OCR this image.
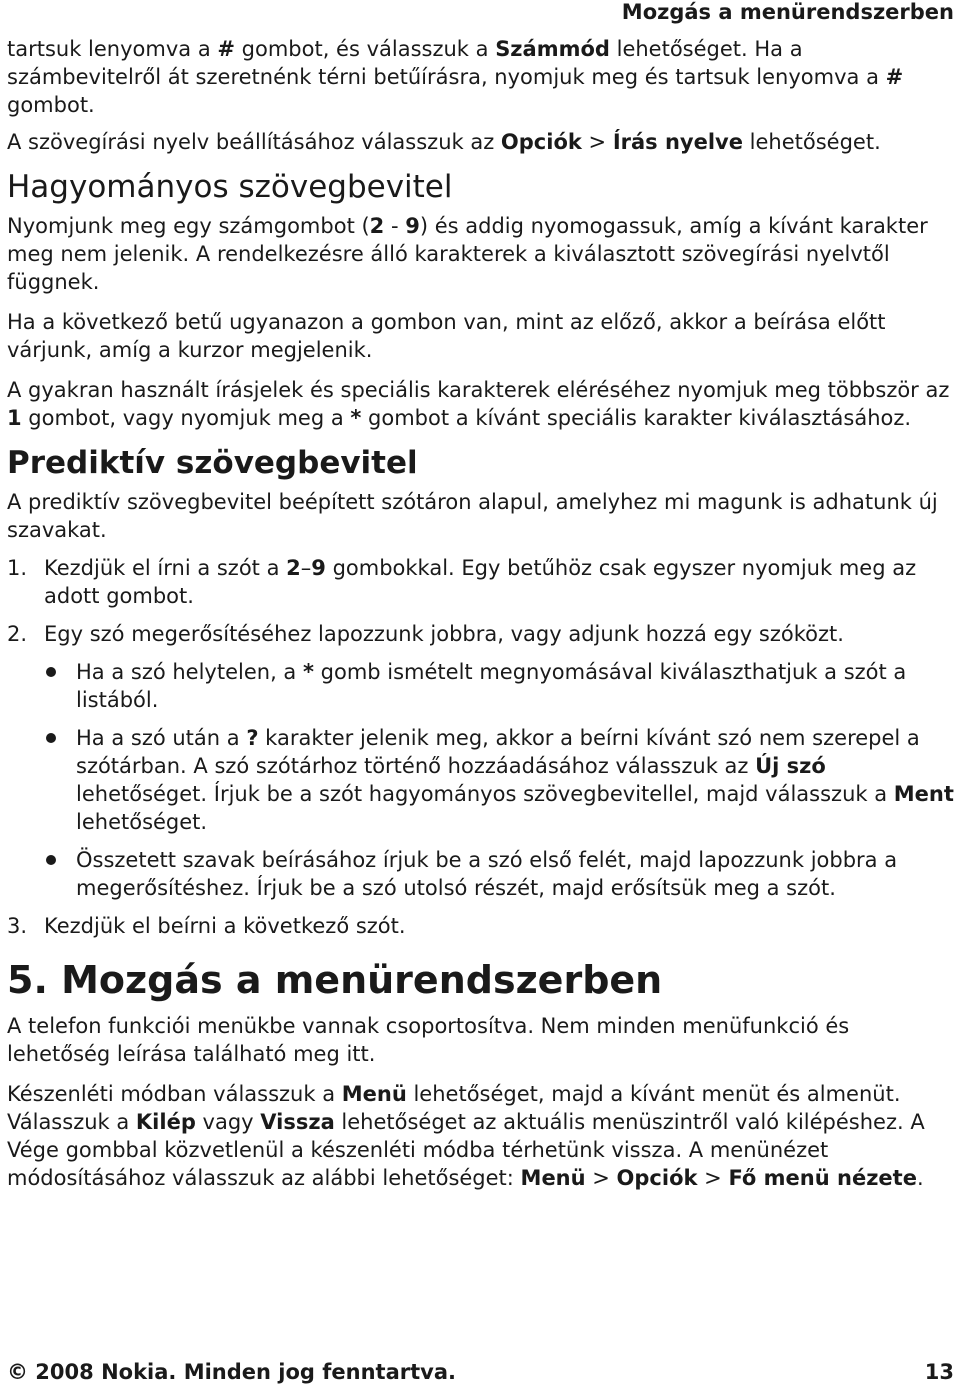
Mozgás a menürendszerben

tartsuk lenyomva a # gombot, és válasszuk a Számmód lehetőséget. Ha a számbevitelről át szeretnénk térni betűírásra, nyomjuk meg és tartsuk lenyomva a # gombot.

A szövegírási nyelv beállításához válasszuk az Opciók > Írás nyelve lehetőséget.

Hagyományos szövegbevitel

Nyomjunk meg egy számgombot (2 - 9) és addig nyomogassuk, amíg a kívánt karakter meg nem jelenik. A rendelkezésre álló karakterek a kiválasztott szövegírási nyelvtől függnek.

Ha a következő betű ugyanazon a gombon van, mint az előző, akkor a beírása előtt várjunk, amíg a kurzor megjelenik.

A gyakran használt írásjelek és speciális karakterek eléréséhez nyomjuk meg többször az 1 gombot, vagy nyomjuk meg a * gombot a kívánt speciális karakter kiválasztásához.

Prediktív szövegbevitel

A prediktív szövegbevitel beépített szótáron alapul, amelyhez mi magunk is adhatunk új szavakat.

1. Kezdjük el írni a szót a 2–9 gombokkal. Egy betűhöz csak egyszer nyomjuk meg az adott gombot.
2. Egy szó megerősítéséhez lapozzunk jobbra, vagy adjunk hozzá egy szóközt.
Ha a szó helytelen, a * gomb ismételt megnyomásával kiválaszthatjuk a szót a listából.
Ha a szó után a ? karakter jelenik meg, akkor a beírni kívánt szó nem szerepel a szótárban. A szó szótárhoz történő hozzáadásához válasszuk az Új szó lehetőséget. Írjuk be a szót hagyományos szövegbevitellel, majd válasszuk a Ment lehetőséget.
Összetett szavak beírásához írjuk be a szó első felét, majd lapozzunk jobbra a megerősítéshez. Írjuk be a szó utolsó részét, majd erősítsük meg a szót.
3. Kezdjük el beírni a következő szót.
5. Mozgás a menürendszerben

A telefon funkciói menükbe vannak csoportosítva. Nem minden menüfunkció és lehetőség leírása található meg itt.

Készenléti módban válasszuk a Menü lehetőséget, majd a kívánt menüt és almenüt. Válasszuk a Kilép vagy Vissza lehetőséget az aktuális menüszintről való kilépéshez. A Vége gombbal közvetlenül a készenléti módba térhetünk vissza. A menünézet módosításához válasszuk az alábbi lehetőséget: Menü > Opciók > Fő menü nézete.

© 2008 Nokia. Minden jog fenntartva.	13
